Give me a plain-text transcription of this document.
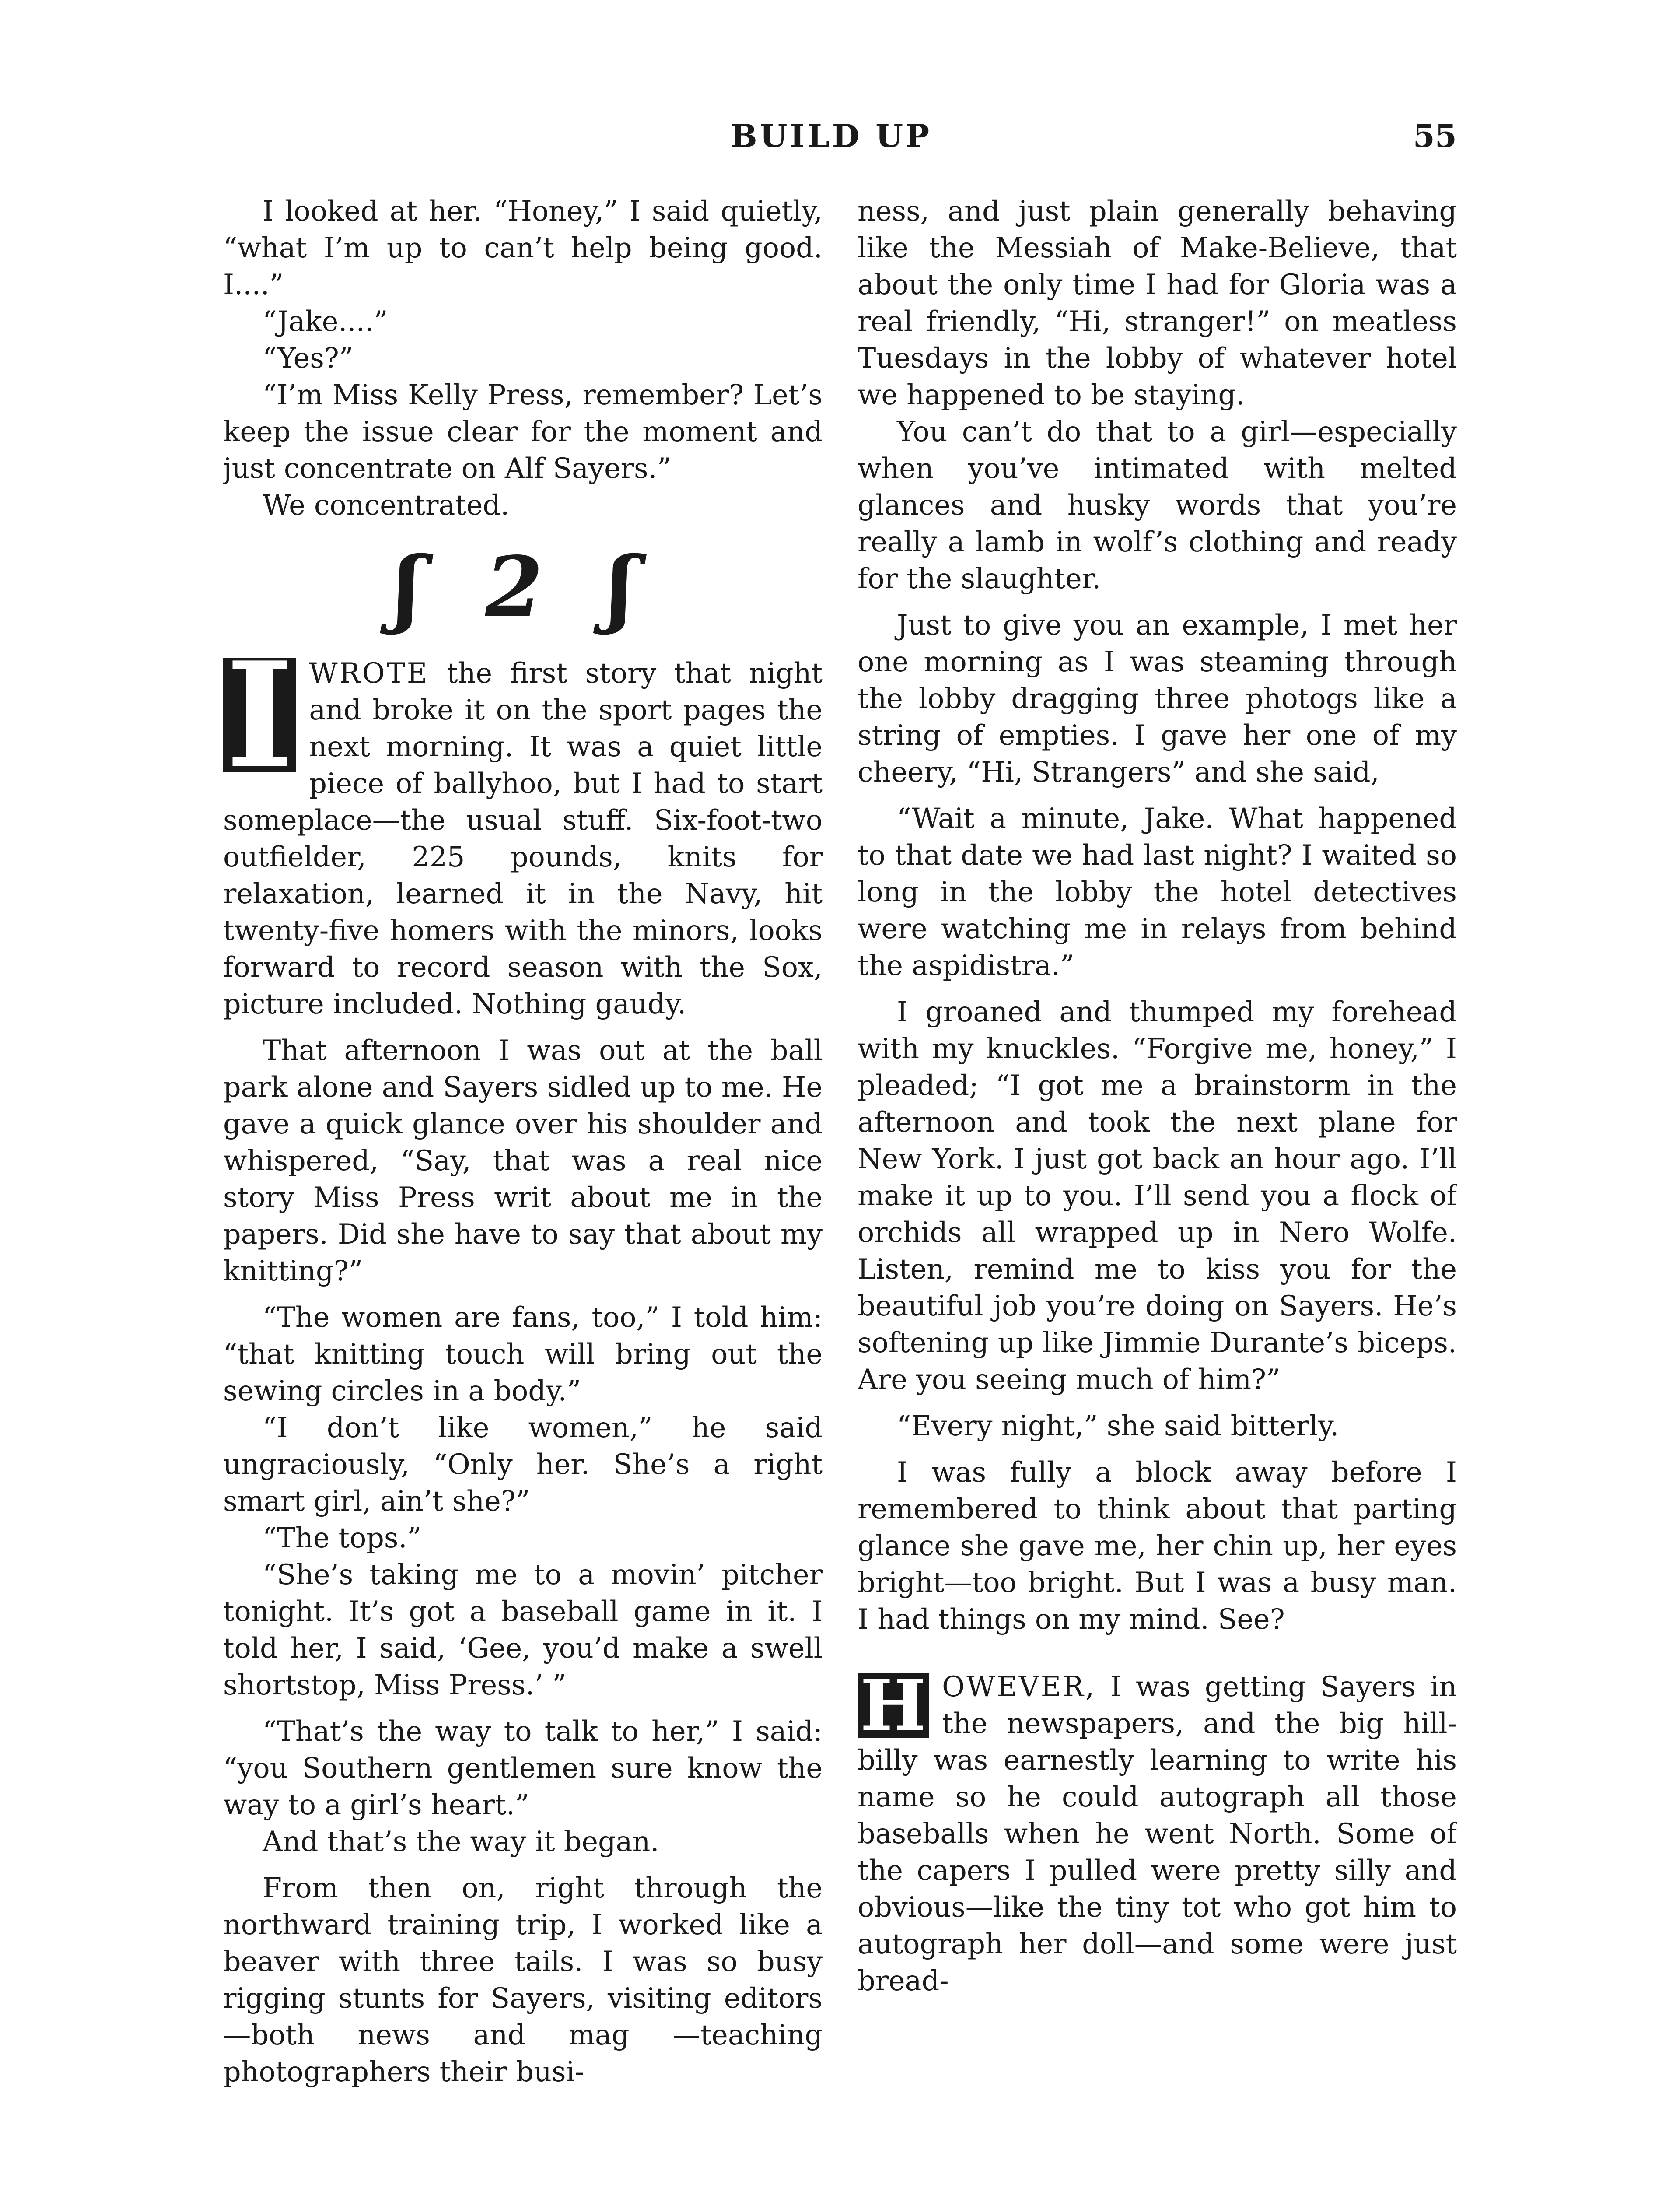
BUILD UP	55

I looked at her. “Honey,” I said quietly, “what I’m up to can’t help being good. I....”

“Jake....”

“Yes?”

“I’m Miss Kelly Press, remember? Let’s keep the issue clear for the moment and just concentrate on Alf Sayers.”

We concentrated.

ʃ 2 ʃ

I WROTE the first story that night and broke it on the sport pages the next morning. It was a quiet little piece of ballyhoo, but I had to start someplace—the usual stuff. Six-foot-two outfielder, 225 pounds, knits for relaxation, learned it in the Navy, hit twenty-five homers with the minors, looks forward to record season with the Sox, picture included. Nothing gaudy.

That afternoon I was out at the ball park alone and Sayers sidled up to me. He gave a quick glance over his shoulder and whispered, “Say, that was a real nice story Miss Press writ about me in the papers. Did she have to say that about my knitting?”

“The women are fans, too,” I told him: “that knitting touch will bring out the sewing circles in a body.”

“I don’t like women,” he said ungraciously, “Only her. She’s a right smart girl, ain’t she?”

“The tops.”

“She’s taking me to a movin’ pitcher tonight. It’s got a baseball game in it. I told her, I said, ‘Gee, you’d make a swell shortstop, Miss Press.’ ”

“That’s the way to talk to her,” I said: “you Southern gentlemen sure know the way to a girl’s heart.”

And that’s the way it began.

From then on, right through the northward training trip, I worked like a beaver with three tails. I was so busy rigging stunts for Sayers, visiting editors—both news and mag —teaching photographers their busi-

ness, and just plain generally behaving like the Messiah of Make-Believe, that about the only time I had for Gloria was a real friendly, “Hi, stranger!” on meatless Tuesdays in the lobby of whatever hotel we happened to be staying.

You can’t do that to a girl—especially when you’ve intimated with melted glances and husky words that you’re really a lamb in wolf’s clothing and ready for the slaughter.

Just to give you an example, I met her one morning as I was steaming through the lobby dragging three photogs like a string of empties. I gave her one of my cheery, “Hi, Strangers” and she said,

“Wait a minute, Jake. What happened to that date we had last night? I waited so long in the lobby the hotel detectives were watching me in relays from behind the aspidistra.”

I groaned and thumped my forehead with my knuckles. “Forgive me, honey,” I pleaded; “I got me a brainstorm in the afternoon and took the next plane for New York. I just got back an hour ago. I’ll make it up to you. I’ll send you a flock of orchids all wrapped up in Nero Wolfe. Listen, remind me to kiss you for the beautiful job you’re doing on Sayers. He’s softening up like Jimmie Durante’s biceps. Are you seeing much of him?”

“Every night,” she said bitterly.

I was fully a block away before I remembered to think about that parting glance she gave me, her chin up, her eyes bright—too bright. But I was a busy man. I had things on my mind. See?

H OWEVER, I was getting Sayers in the newspapers, and the big hill-billy was earnestly learning to write his name so he could autograph all those baseballs when he went North. Some of the capers I pulled were pretty silly and obvious—like the tiny tot who got him to autograph her doll—and some were just bread-
